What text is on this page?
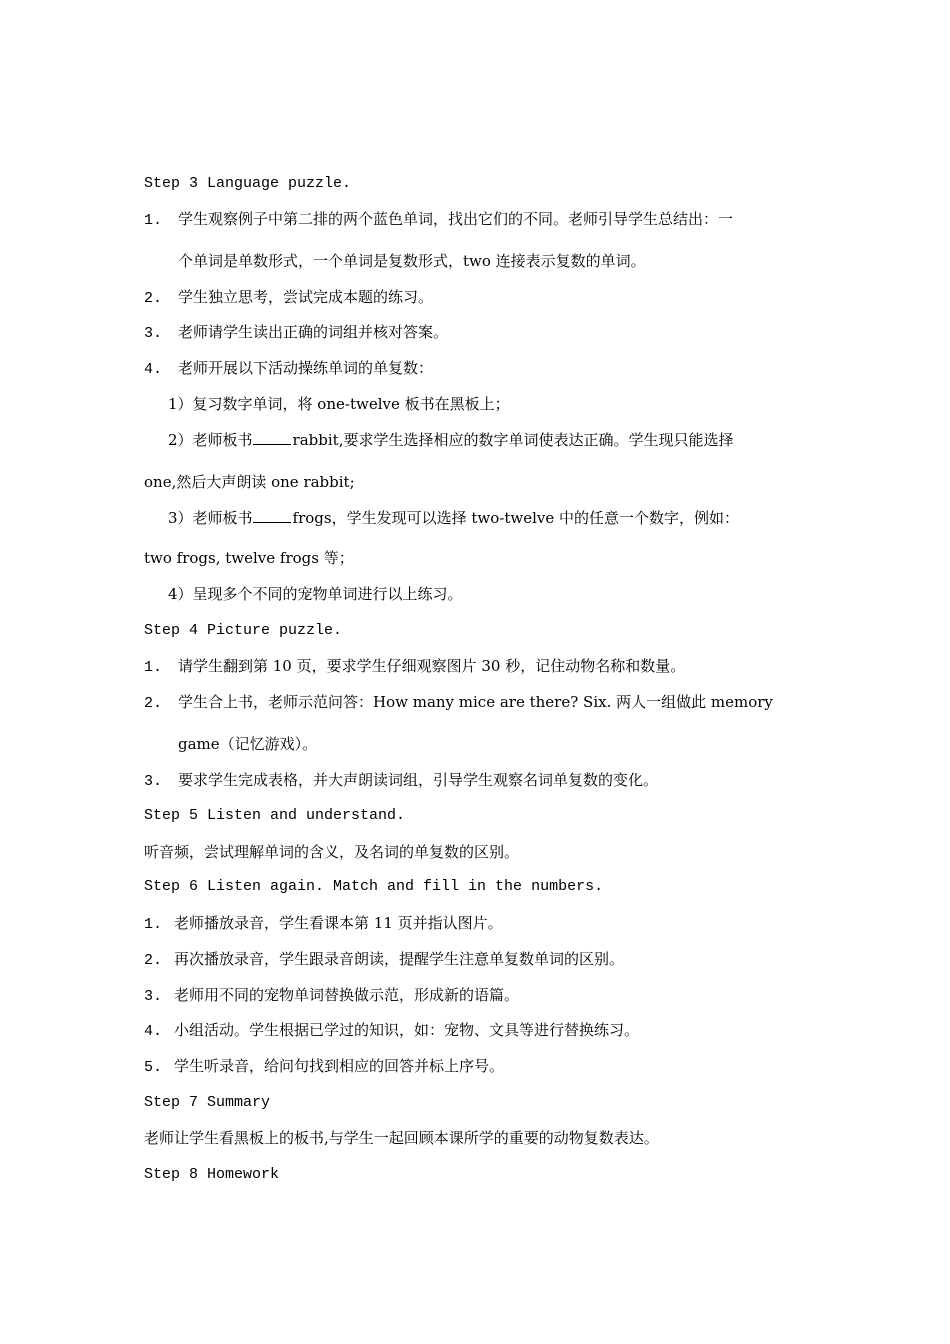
Step 3 Language puzzle.
1. 学生观察例子中第二排的两个蓝色单词，找出它们的不同。老师引导学生总结出：一
个单词是单数形式，一个单词是复数形式，two 连接表示复数的单词。
2. 学生独立思考，尝试完成本题的练习。
3. 老师请学生读出正确的词组并核对答案。
4. 老师开展以下活动操练单词的单复数：
1）复习数字单词，将 one-twelve 板书在黑板上；
2）老师板书	rabbit,要求学生选择相应的数字单词使表达正确。学生现只能选择
one,然后大声朗读 one rabbit;
3）老师板书	frogs，学生发现可以选择 two-twelve 中的任意一个数字，例如：
two frogs, twelve frogs 等；
4）呈现多个不同的宠物单词进行以上练习。
Step 4 Picture puzzle.
1. 请学生翻到第 10 页，要求学生仔细观察图片 30 秒，记住动物名称和数量。
2. 学生合上书，老师示范问答：How many mice are there? Six. 两人一组做此 memory
game（记忆游戏）。
3. 要求学生完成表格，并大声朗读词组，引导学生观察名词单复数的变化。
Step 5 Listen and understand.
听音频，尝试理解单词的含义，及名词的单复数的区别。
Step 6 Listen again. Match and fill in the numbers.
1. 老师播放录音，学生看课本第 11 页并指认图片。
2. 再次播放录音，学生跟录音朗读，提醒学生注意单复数单词的区别。
3. 老师用不同的宠物单词替换做示范，形成新的语篇。
4. 小组活动。学生根据已学过的知识，如：宠物、文具等进行替换练习。
5. 学生听录音，给问句找到相应的回答并标上序号。
Step 7 Summary
老师让学生看黑板上的板书,与学生一起回顾本课所学的重要的动物复数表达。
Step 8 Homework
